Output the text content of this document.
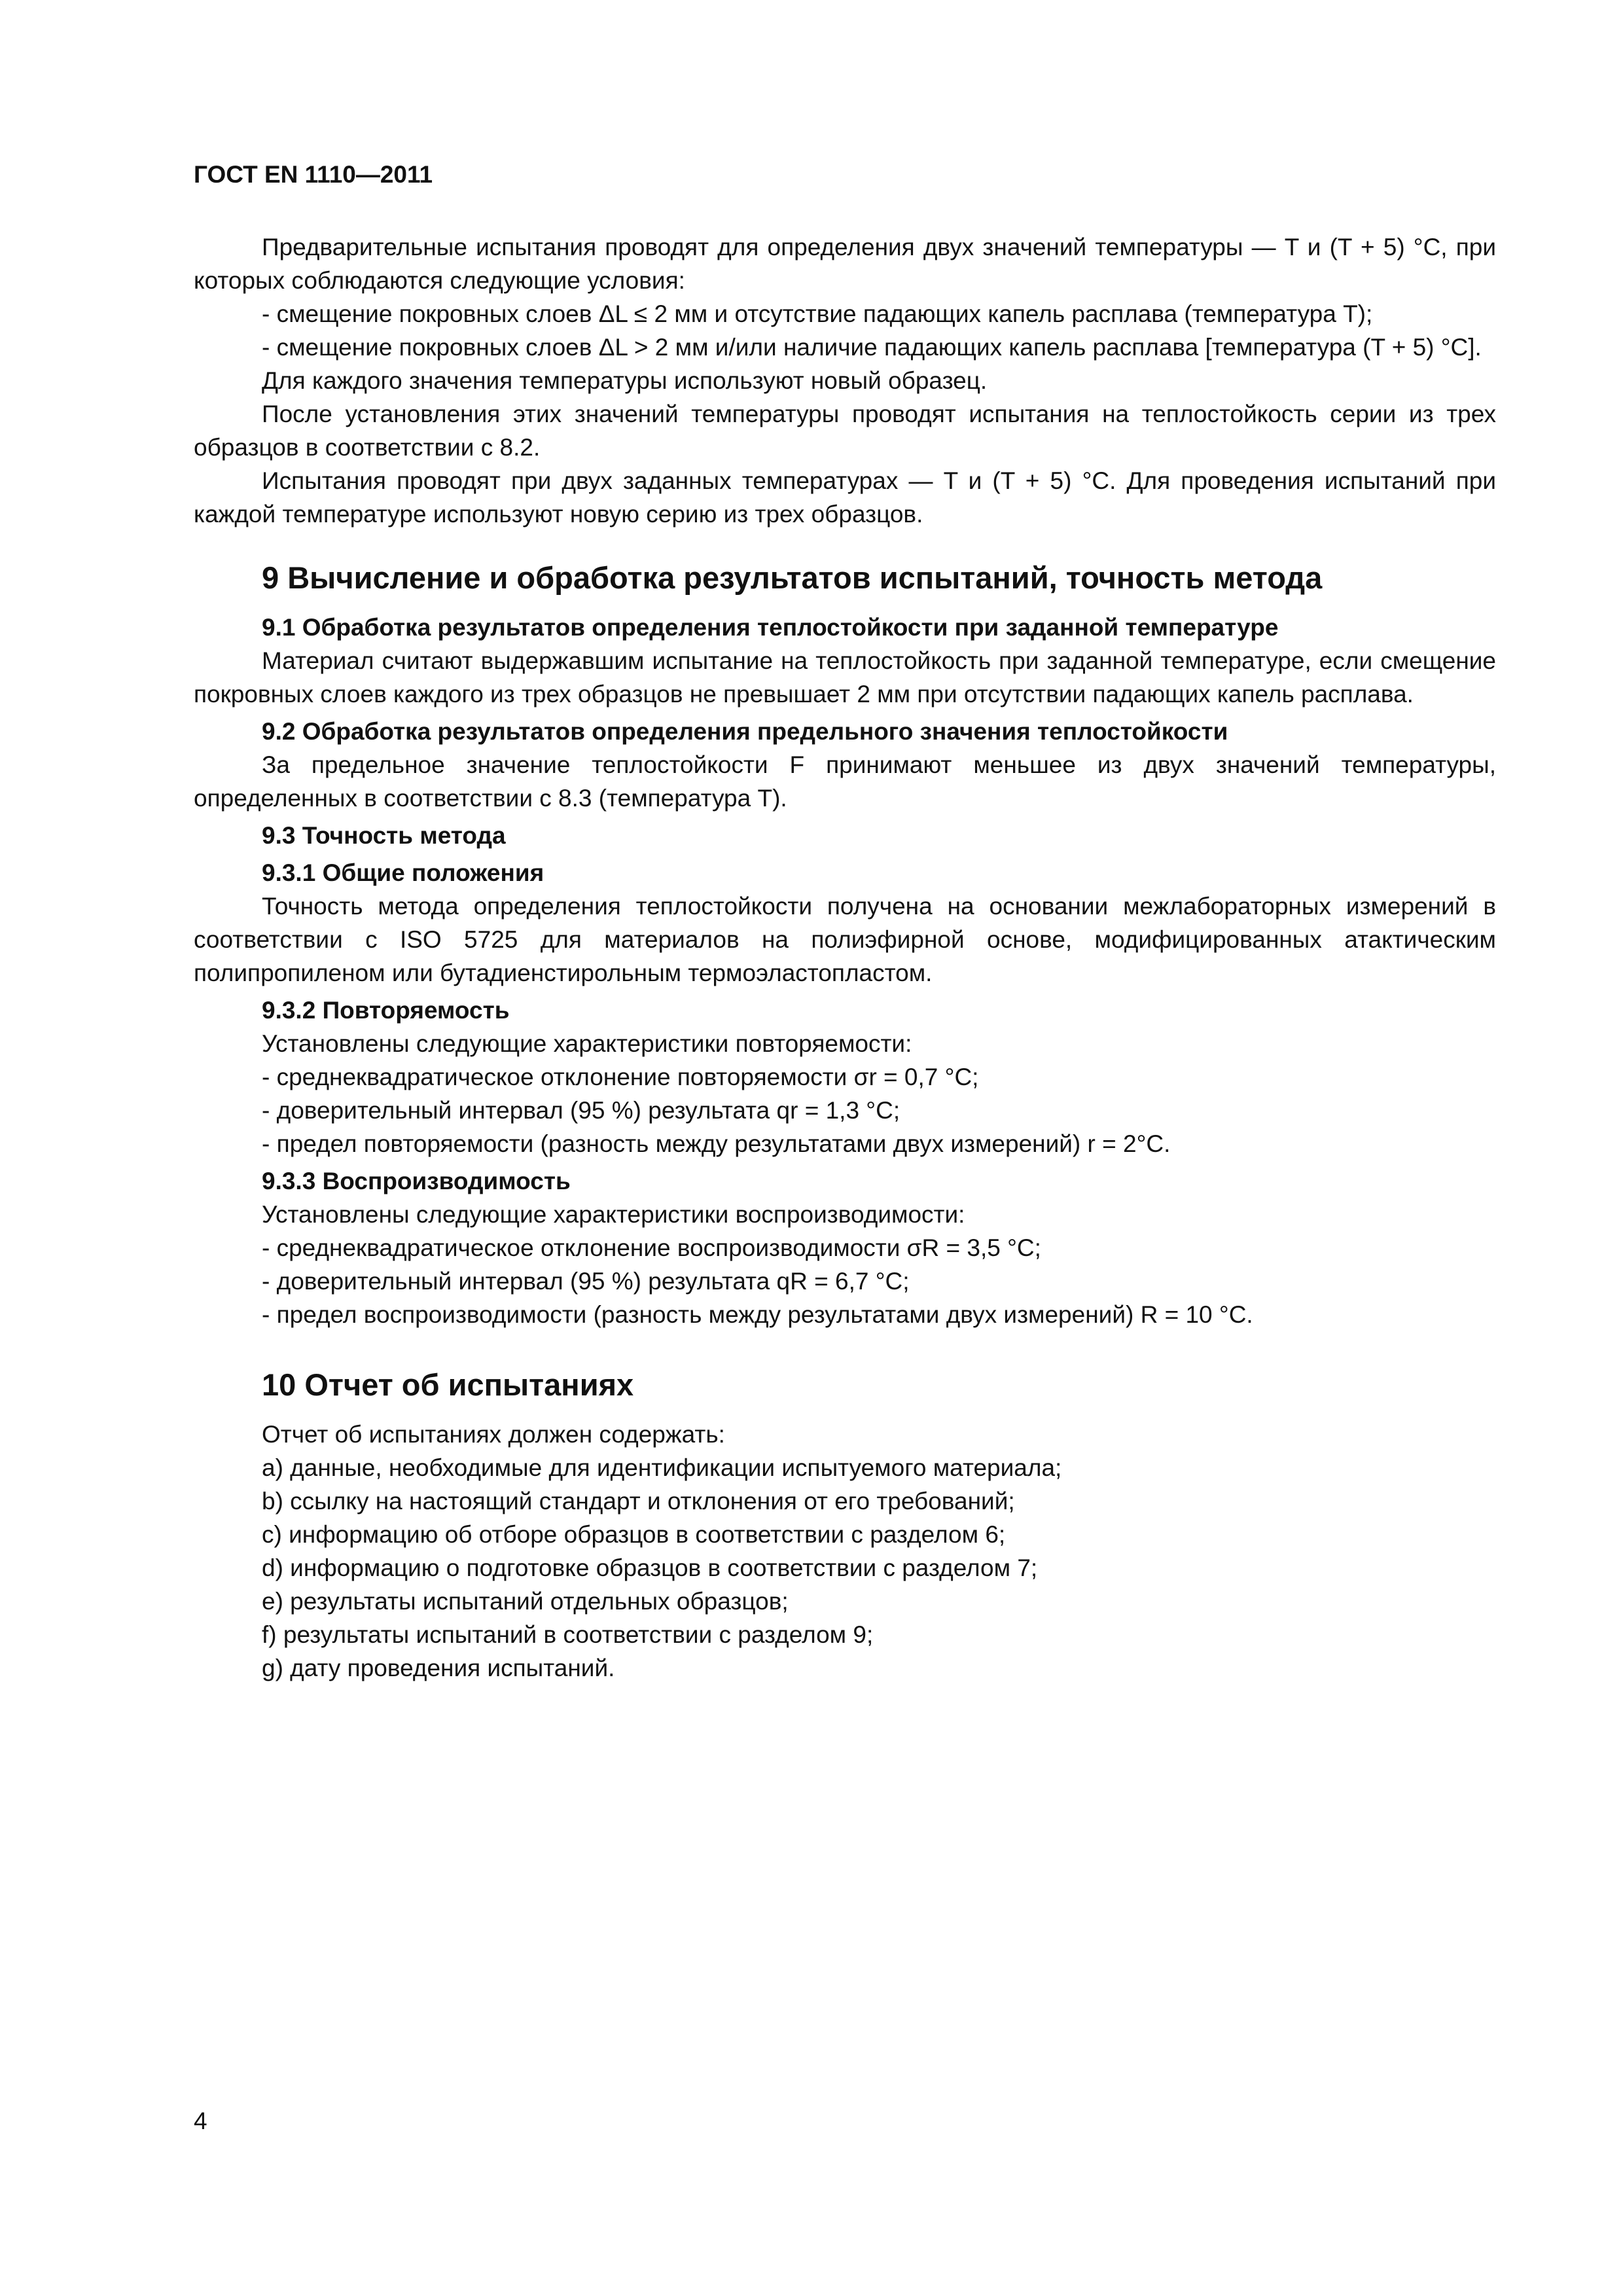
ГОСТ EN 1110—2011

Предварительные испытания проводят для определения двух значений температуры — T и (T + 5) °С, при которых соблюдаются следующие условия:

- смещение покровных слоев ΔL ≤ 2 мм и отсутствие падающих капель расплава (температура T);

- смещение покровных слоев ΔL > 2 мм и/или наличие падающих капель расплава [температура (T + 5) °С].

Для каждого значения температуры используют новый образец.

После установления этих значений температуры проводят испытания на теплостойкость серии из трех образцов в соответствии с 8.2.

Испытания проводят при двух заданных температурах — T и (T + 5) °С. Для проведения испытаний при каждой температуре используют новую серию из трех образцов.

9 Вычисление и обработка результатов испытаний, точность метода

9.1 Обработка результатов определения теплостойкости при заданной температуре

Материал считают выдержавшим испытание на теплостойкость при заданной температуре, если смещение покровных слоев каждого из трех образцов не превышает 2 мм при отсутствии падающих капель расплава.

9.2 Обработка результатов определения предельного значения теплостойкости

За предельное значение теплостойкости F принимают меньшее из двух значений температуры, определенных в соответствии с 8.3 (температура T).

9.3 Точность метода

9.3.1 Общие положения

Точность метода определения теплостойкости получена на основании межлабораторных измерений в соответствии с ISO 5725 для материалов на полиэфирной основе, модифицированных атактическим полипропиленом или бутадиенстирольным термоэластопластом.

9.3.2 Повторяемость

Установлены следующие характеристики повторяемости:

- среднеквадратическое отклонение повторяемости σr = 0,7 °С;

- доверительный интервал (95 %) результата qr = 1,3 °С;

- предел повторяемости (разность между результатами двух измерений) r = 2°С.

9.3.3 Воспроизводимость

Установлены следующие характеристики воспроизводимости:

- среднеквадратическое отклонение воспроизводимости σR = 3,5 °С;

- доверительный интервал (95 %) результата qR = 6,7 °С;

- предел воспроизводимости (разность между результатами двух измерений) R = 10 °С.

10 Отчет об испытаниях

Отчет об испытаниях должен содержать:

а) данные, необходимые для идентификации испытуемого материала;

b) ссылку на настоящий стандарт и отклонения от его требований;

с) информацию об отборе образцов в соответствии с разделом 6;

d) информацию о подготовке образцов в соответствии с разделом 7;

е) результаты испытаний отдельных образцов;

f) результаты испытаний в соответствии с разделом 9;

g) дату проведения испытаний.

4
